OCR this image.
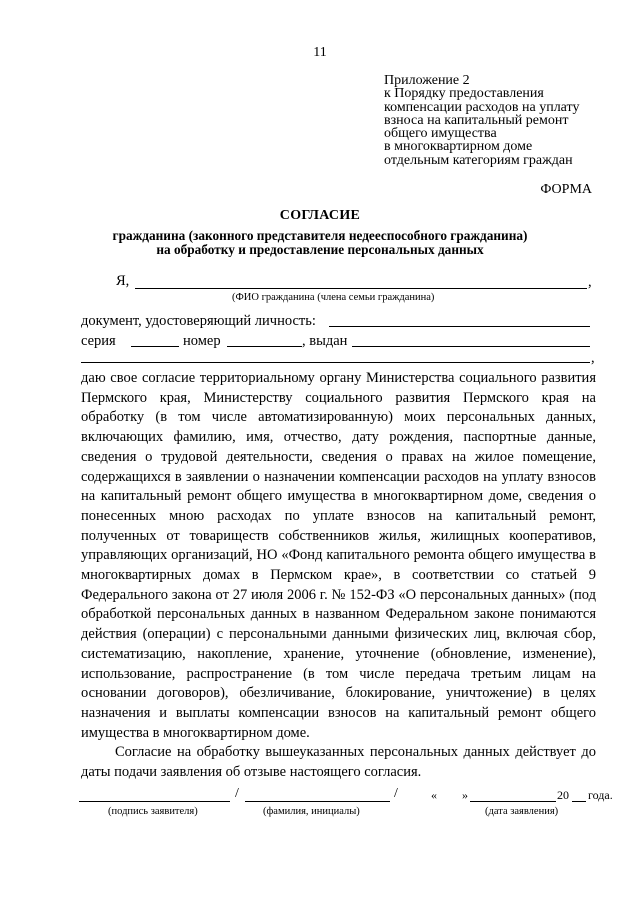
11
Приложение 2
к Порядку предоставления
компенсации расходов на уплату
взноса на капитальный ремонт
общего имущества
в многоквартирном доме
отдельным категориям граждан
ФОРМА
СОГЛАСИЕ
гражданина (законного представителя недееспособного гражданина)
на обработку и предоставление персональных данных
Я,	,
(ФИО гражданина (члена семьи гражданина)
документ, удостоверяющий личность:
серия	номер	, выдан
,

даю свое согласие территориальному органу Министерства социального развития Пермского края, Министерству социального развития Пермского края на обработку (в том числе автоматизированную) моих персональных данных, включающих фамилию, имя, отчество, дату рождения, паспортные данные, сведения о трудовой деятельности, сведения о правах на жилое помещение, содержащихся в заявлении о назначении компенсации расходов на уплату взносов на капитальный ремонт общего имущества в многоквартирном доме, сведения о понесенных мною расходах по уплате взносов на капитальный ремонт, полученных от товариществ собственников жилья, жилищных кооперативов, управляющих организаций, НО «Фонд капитального ремонта общего имущества в многоквартирных домах в Пермском крае», в соответствии со статьей 9 Федерального закона от 27 июля 2006 г. № 152-ФЗ «О персональных данных» (под обработкой персональных данных в названном Федеральном законе понимаются действия (операции) с персональными данными физических лиц, включая сбор, систематизацию, накопление, хранение, уточнение (обновление, изменение), использование, распространение (в том числе передача третьим лицам на основании договоров), обезличивание, блокирование, уничтожение) в целях назначения и выплаты компенсации взносов на капитальный ремонт общего имущества в многоквартирном доме.

Согласие на обработку вышеуказанных персональных данных действует до даты подачи заявления об отзыве настоящего согласия.

/	/	« »	20 года.
(подпись заявителя)	(фамилия, инициалы)	(дата заявления)
